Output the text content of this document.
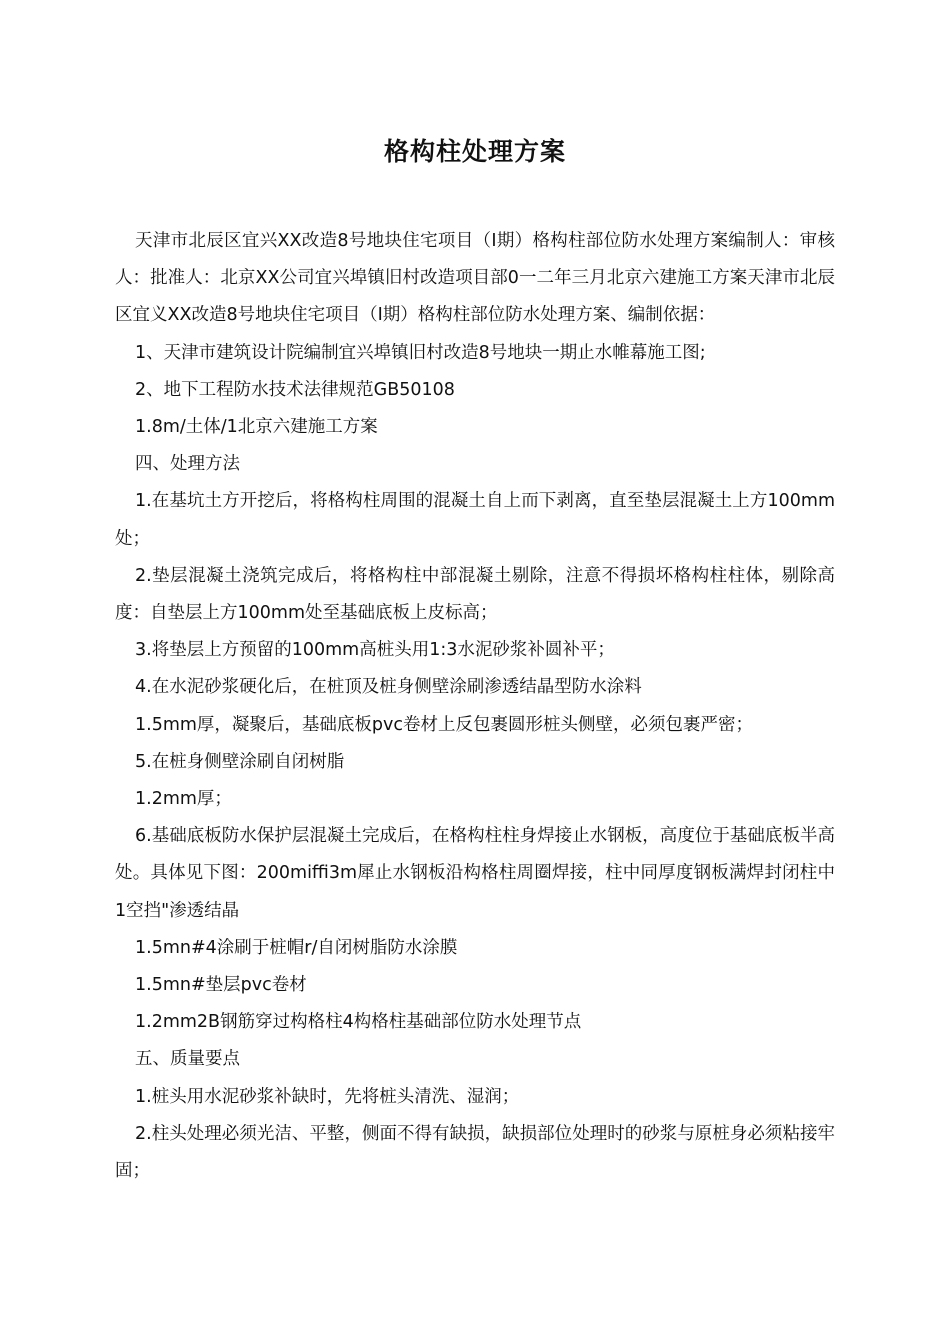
格构柱处理方案

天津市北辰区宜兴XX改造8号地块住宅项目（I期）格构柱部位防水处理方案编制人：审核人：批准人：北京XX公司宜兴埠镇旧村改造项目部0一二年三月北京六建施工方案天津市北辰区宜义XX改造8号地块住宅项目（I期）格构柱部位防水处理方案、编制依据：

1、天津市建筑设计院编制宜兴埠镇旧村改造8号地块一期止水帷幕施工图;

2、地下工程防水技术法律规范GB50108

1.8m/土体/1北京六建施工方案

四、处理方法

1.在基坑土方开挖后，将格构柱周围的混凝土自上而下剥离，直至垫层混凝土上方100mm处；

2.垫层混凝土浇筑完成后，将格构柱中部混凝土剔除，注意不得损坏格构柱柱体，剔除高度：自垫层上方100mm处至基础底板上皮标高；

3.将垫层上方预留的100mm高桩头用1:3水泥砂浆补圆补平；

4.在水泥砂浆硬化后，在桩顶及桩身侧壁涂刷渗透结晶型防水涂料

1.5mm厚，凝聚后，基础底板pvc卷材上反包裹圆形桩头侧壁，必须包裹严密；

5.在桩身侧壁涂刷自闭树脂

1.2mm厚；

6.基础底板防水保护层混凝土完成后，在格构柱柱身焊接止水钢板，高度位于基础底板半高处。具体见下图：200miffi3m犀止水钢板沿构格柱周圈焊接，柱中同厚度钢板满焊封闭柱中1空挡"渗透结晶

1.5mn#4涂刷于桩帽r/自闭树脂防水涂膜

1.5mn#垫层pvc卷材

1.2mm2B钢筋穿过构格柱4构格柱基础部位防水处理节点

五、质量要点

1.桩头用水泥砂浆补缺时，先将桩头清洗、湿润；

2.柱头处理必须光洁、平整，侧面不得有缺损，缺损部位处理时的砂浆与原桩身必须粘接牢固；
